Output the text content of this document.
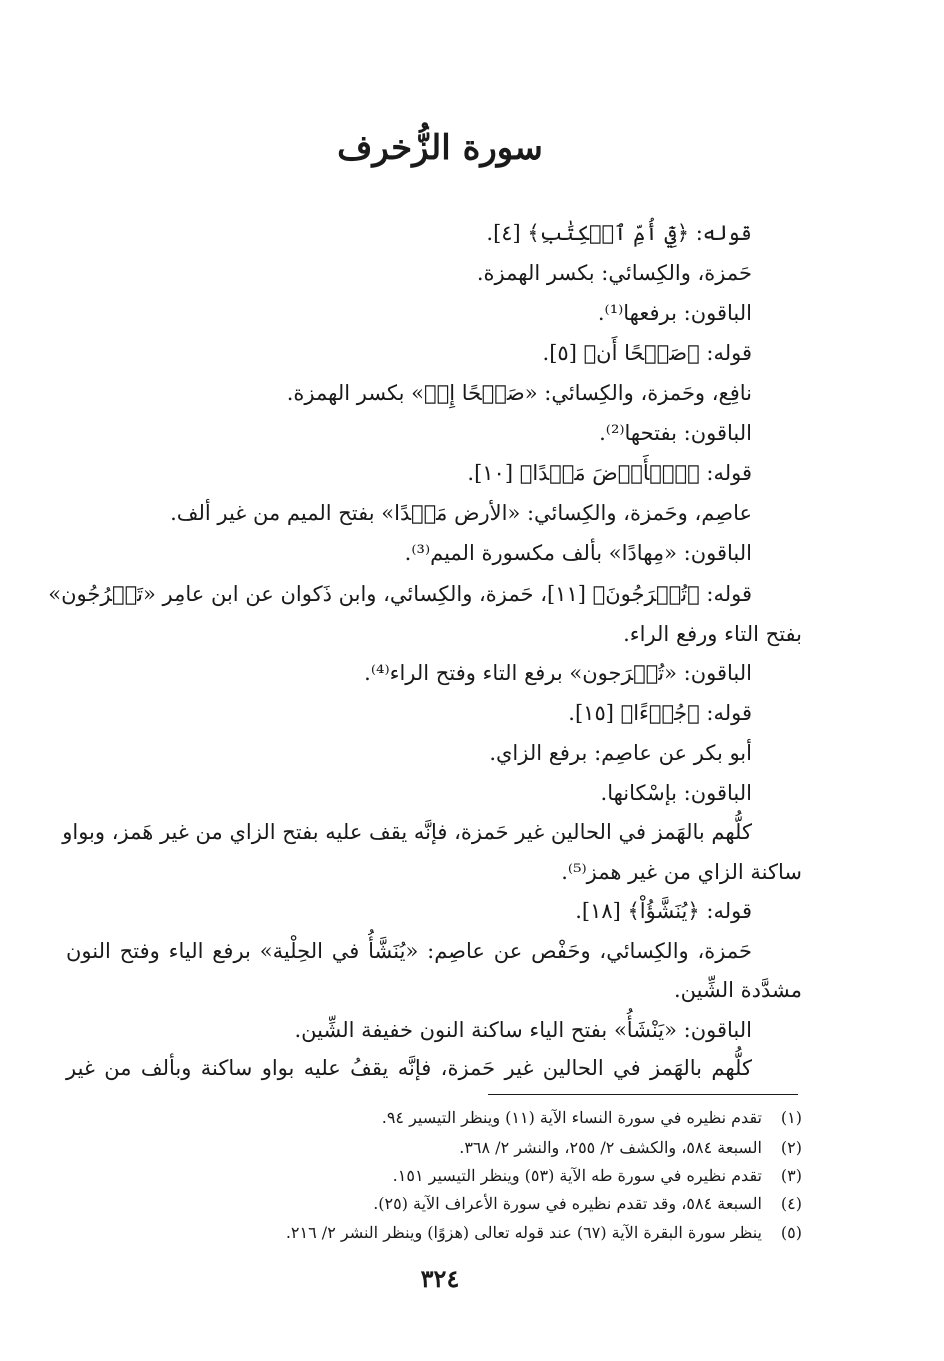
سورة الزُّخرف
قوله: ﴿فِيٓ أُمِّ ٱلۡكِتَٰبِ﴾ [٤].
حَمزة، والكِسائي: بكسر الهمزة.
الباقون: برفعها⁽¹⁾.
قوله: ﴿صَفۡحًا أَن﴾ [٥].
نافِع، وحَمزة، والكِسائي: «صَفۡحًا إِنۡ» بكسر الهمزة.
الباقون: بفتحها⁽²⁾.
قوله: ﴿ٱلۡأَرۡضَ مَهۡدًا﴾ [١٠].
عاصِم، وحَمزة، والكِسائي: «الأرض مَهۡدًا» بفتح الميم من غير ألف.
الباقون: «مِهادًا» بألف مكسورة الميم⁽³⁾.
قوله: ﴿تُخۡرَجُونَ﴾ [١١]، حَمزة، والكِسائي، وابن ذَكوان عن ابن عامِر «تَخۡرُجُون»
بفتح التاء ورفع الراء.
الباقون: «تُخۡرَجون» برفع التاء وفتح الراء⁽⁴⁾.
قوله: ﴿جُزۡءًا﴾ [١٥].
أبو بكر عن عاصِم: برفع الزاي.
الباقون: بإسْكانها.
كلُّهم بالهَمز في الحالين غير حَمزة، فإنَّه يقف عليه بفتح الزاي من غير هَمز، وبواو
ساكنة الزاي من غير همز⁽⁵⁾.
قوله: ﴿يُنَشَّؤُاْ﴾ [١٨].
حَمزة، والكِسائي، وحَفْص عن عاصِم: «يُنَشَّأُ في الحِلْية» برفع الياء وفتح النون
مشدَّدة الشِّين.
الباقون: «يَنْشَأُ» بفتح الياء ساكنة النون خفيفة الشِّين.
كلُّهم بالهَمز في الحالين غير حَمزة، فإنَّه يقفُ عليه بواو ساكنة وبألف من غير
(١)تقدم نظيره في سورة النساء الآية (١١) وينظر التيسير ٩٤.
(٢)السبعة ٥٨٤، والكشف ٢/ ٢٥٥، والنشر ٢/ ٣٦٨.
(٣)تقدم نظيره في سورة طه الآية (٥٣) وينظر التيسير ١٥١.
(٤)السبعة ٥٨٤، وقد تقدم نظيره في سورة الأعراف الآية (٢٥).
(٥)ينظر سورة البقرة الآية (٦٧) عند قوله تعالى (هزوًا) وينظر النشر ٢/ ٢١٦.
٣٢٤
